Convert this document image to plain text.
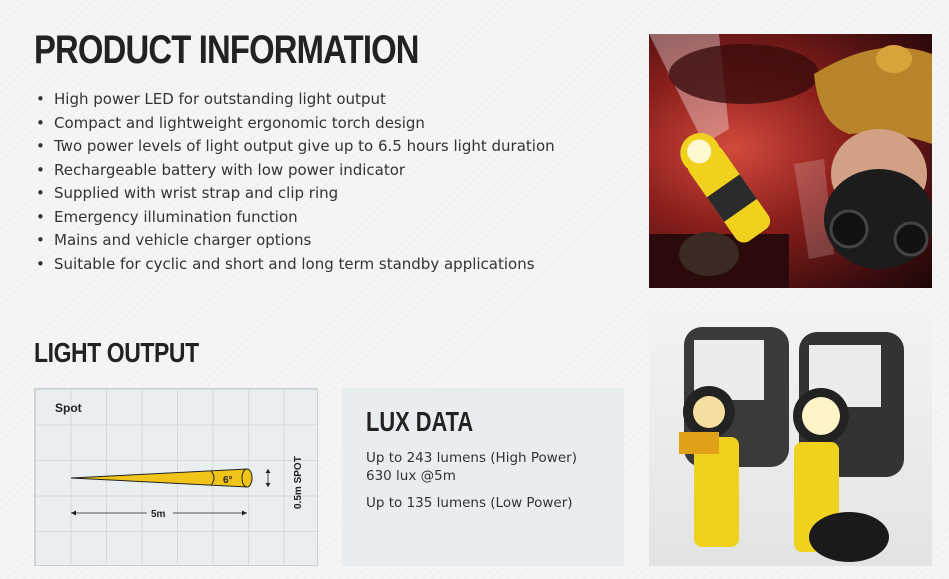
PRODUCT INFORMATION
• High power LED for outstanding light output
• Compact and lightweight ergonomic torch design
• Two power levels of light output give up to 6.5 hours light duration
• Rechargeable battery with low power indicator
• Supplied with wrist strap and clip ring
• Emergency illumination function
• Mains and vehicle charger options
• Suitable for cyclic and short and long term standby applications
LIGHT OUTPUT
Spot
6°
5m
0.5m SPOT
LUX DATA
Up to 243 lumens (High Power)
630 lux @5m
Up to 135 lumens (Low Power)
